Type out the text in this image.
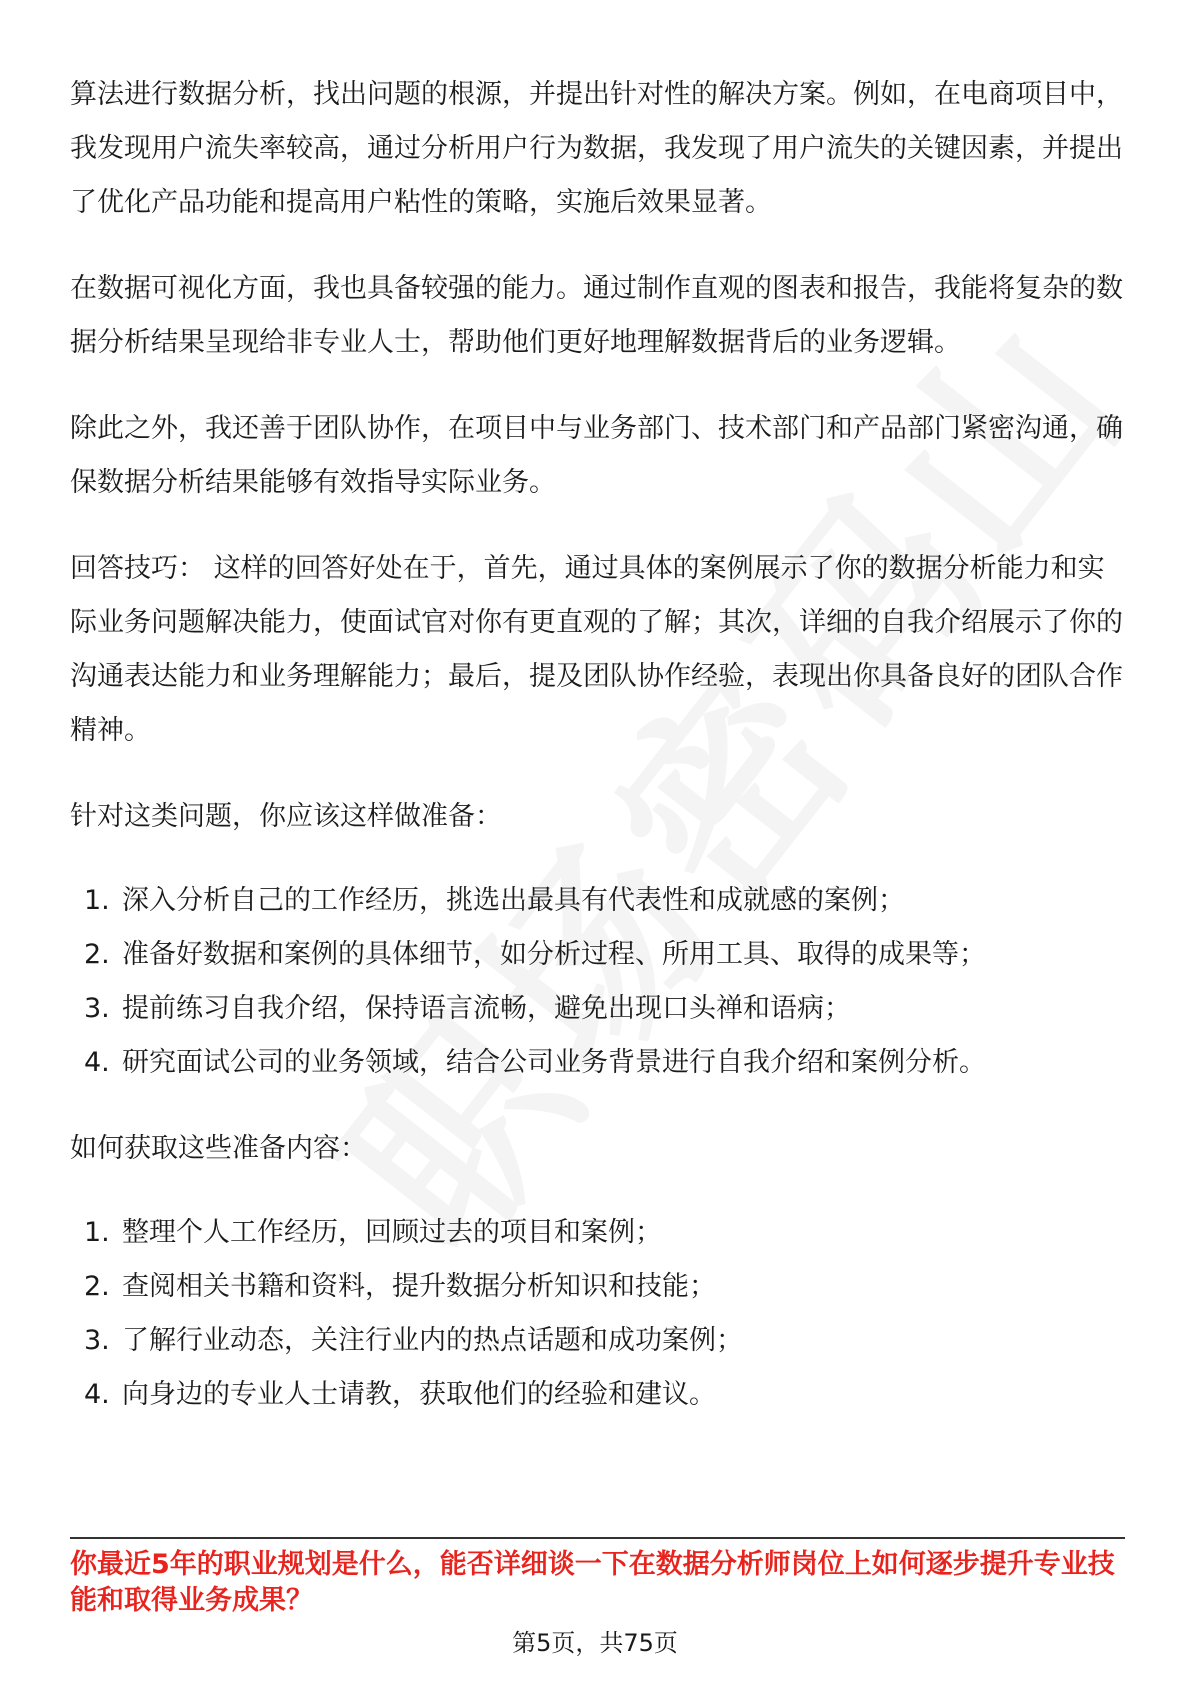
算法进行数据分析，找出问题的根源，并提出针对性的解决方案。例如，在电商项目中，我发现用户流失率较高，通过分析用户行为数据，我发现了用户流失的关键因素，并提出了优化产品功能和提高用户粘性的策略，实施后效果显著。

在数据可视化方面，我也具备较强的能力。通过制作直观的图表和报告，我能将复杂的数据分析结果呈现给非专业人士，帮助他们更好地理解数据背后的业务逻辑。

除此之外，我还善于团队协作，在项目中与业务部门、技术部门和产品部门紧密沟通，确保数据分析结果能够有效指导实际业务。

回答技巧： 这样的回答好处在于，首先，通过具体的案例展示了你的数据分析能力和实际业务问题解决能力，使面试官对你有更直观的了解；其次，详细的自我介绍展示了你的沟通表达能力和业务理解能力；最后，提及团队协作经验，表现出你具备良好的团队合作精神。

针对这类问题，你应该这样做准备：

1. 深入分析自己的工作经历，挑选出最具有代表性和成就感的案例；
2. 准备好数据和案例的具体细节，如分析过程、所用工具、取得的成果等；
3. 提前练习自我介绍，保持语言流畅，避免出现口头禅和语病；
4. 研究面试公司的业务领域，结合公司业务背景进行自我介绍和案例分析。

如何获取这些准备内容：

1. 整理个人工作经历，回顾过去的项目和案例；
2. 查阅相关书籍和资料，提升数据分析知识和技能；
3. 了解行业动态，关注行业内的热点话题和成功案例；
4. 向身边的专业人士请教，获取他们的经验和建议。
你最近5年的职业规划是什么，能否详细谈一下在数据分析师岗位上如何逐步提升专业技能和取得业务成果？
第5页，共75页
